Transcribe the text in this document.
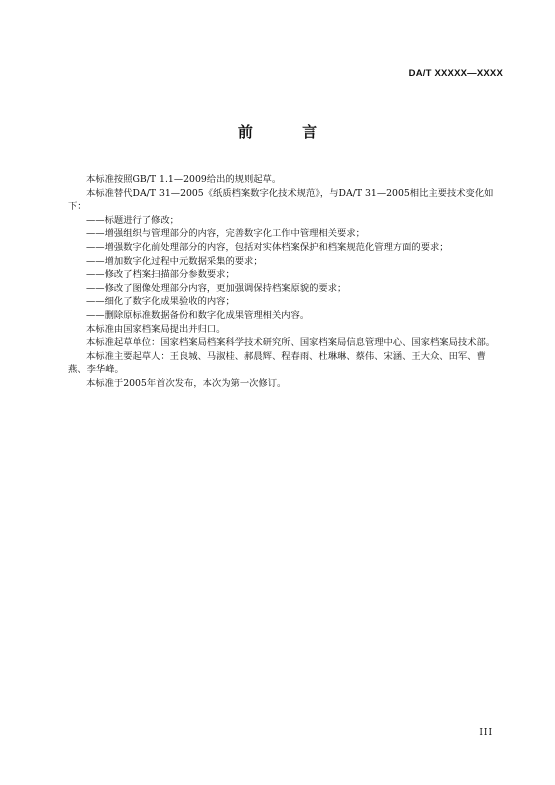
DA/T XXXXX—XXXX
前 言

本标准按照GB/T 1.1—2009给出的规则起草。

本标准替代DA/T 31—2005《纸质档案数字化技术规范》，与DA/T 31—2005相比主要技术变化如

下：

——标题进行了修改；

——增强组织与管理部分的内容，完善数字化工作中管理相关要求；

——增强数字化前处理部分的内容，包括对实体档案保护和档案规范化管理方面的要求；

——增加数字化过程中元数据采集的要求；

——修改了档案扫描部分参数要求；

——修改了图像处理部分内容，更加强调保持档案原貌的要求；

——细化了数字化成果验收的内容；

——删除原标准数据备份和数字化成果管理相关内容。

本标准由国家档案局提出并归口。

本标准起草单位：国家档案局档案科学技术研究所、国家档案局信息管理中心、国家档案局技术部。

本标准主要起草人：王良城、马淑桂、郝晨辉、程春雨、杜琳琳、蔡伟、宋涵、王大众、田军、曹

燕、李华峰。

本标准于2005年首次发布，本次为第一次修订。

III
